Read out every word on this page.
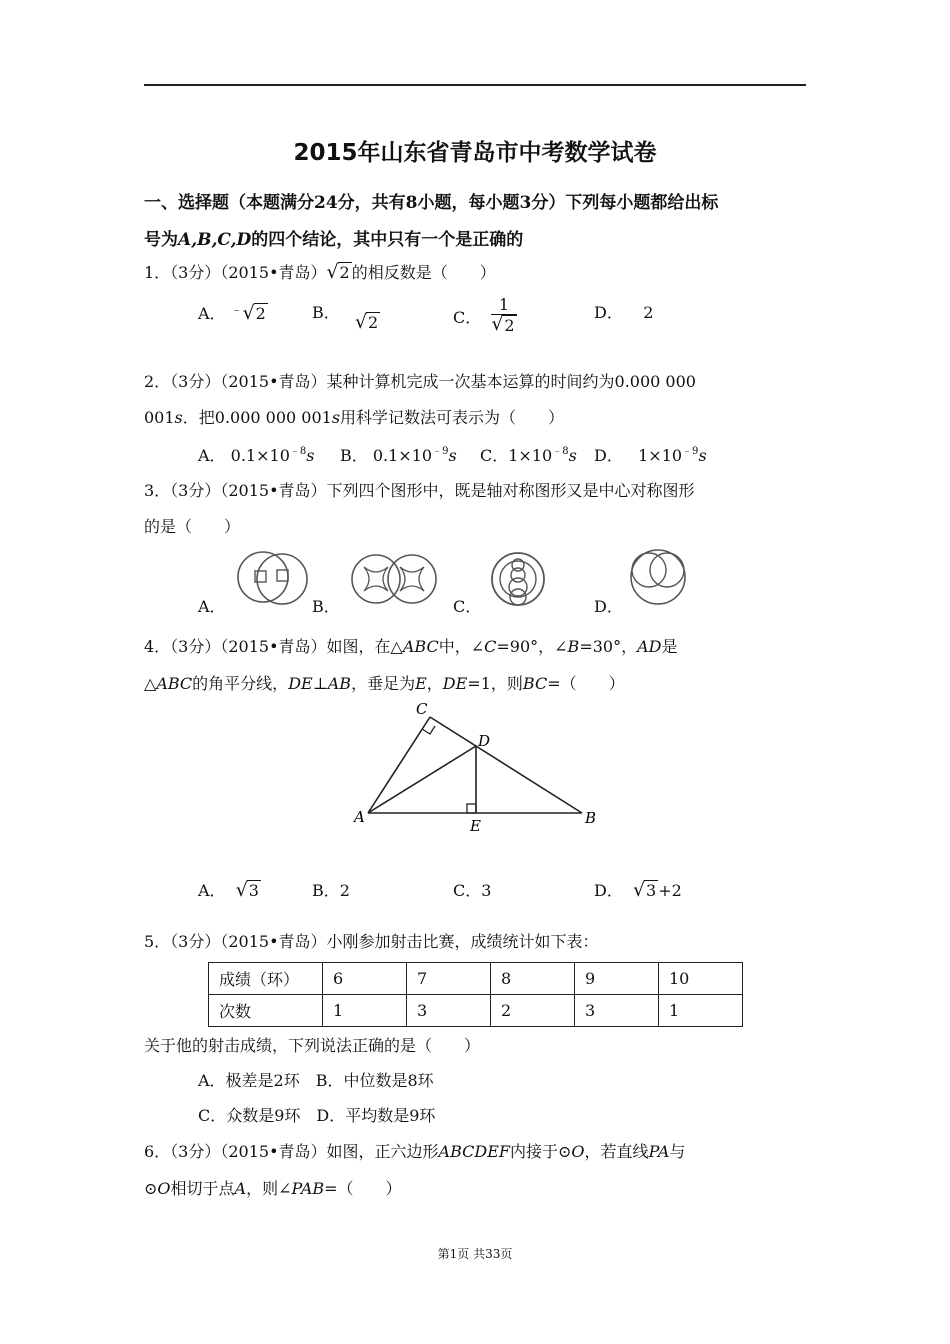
2015年山东省青岛市中考数学试卷
一、选择题（本题满分24分，共有8小题，每小题3分）下列每小题都给出标
号为A,B,C,D的四个结论，其中只有一个是正确的
1．（3分）（2015•青岛） √ 2 的相反数是（　　）
A． ﹣ √ 2	B． √ 2	C． $\frac{1}{√ 2}$	D． 2
2．（3分）（2015•青岛）某种计算机完成一次基本运算的时间约为0.000 000
001s．把0.000 000 001s用科学记数法可表示为（　　）
A． $0.1\times 10^{﹣8}s$ B． $0.1\times 10^{﹣9}s$ C．$1\times 10^{﹣8}s$ D． $1\times 10^{﹣9}s$
3．（3分）（2015•青岛）下列四个图形中，既是轴对称图形又是中心对称图形
的是（　　）
A．	B．	C．	D．
4．（3分）（2015•青岛）如图，在△ABC中，∠C=90°，∠B=30°，AD是
△ABC的角平分线，DE⊥AB，垂足为E，DE=1，则BC=（　　）
A	B
C
D
E
A． √ 3	B．2	C．3	D． √ 3 +2
5．（3分）（2015•青岛）小刚参加射击比赛，成绩统计如下表：
成绩（环）	6	7	8	9	10
次数	1	3	2	3	1
关于他的射击成绩，下列说法正确的是（　　）
A．极差是2环　B．中位数是8环
C．众数是9环　D．平均数是9环
6．（3分）（2015•青岛）如图，正六边形ABCDEF内接于⊙O，若直线PA与
⊙O相切于点A，则∠PAB=（　　）
第1页 共33页
